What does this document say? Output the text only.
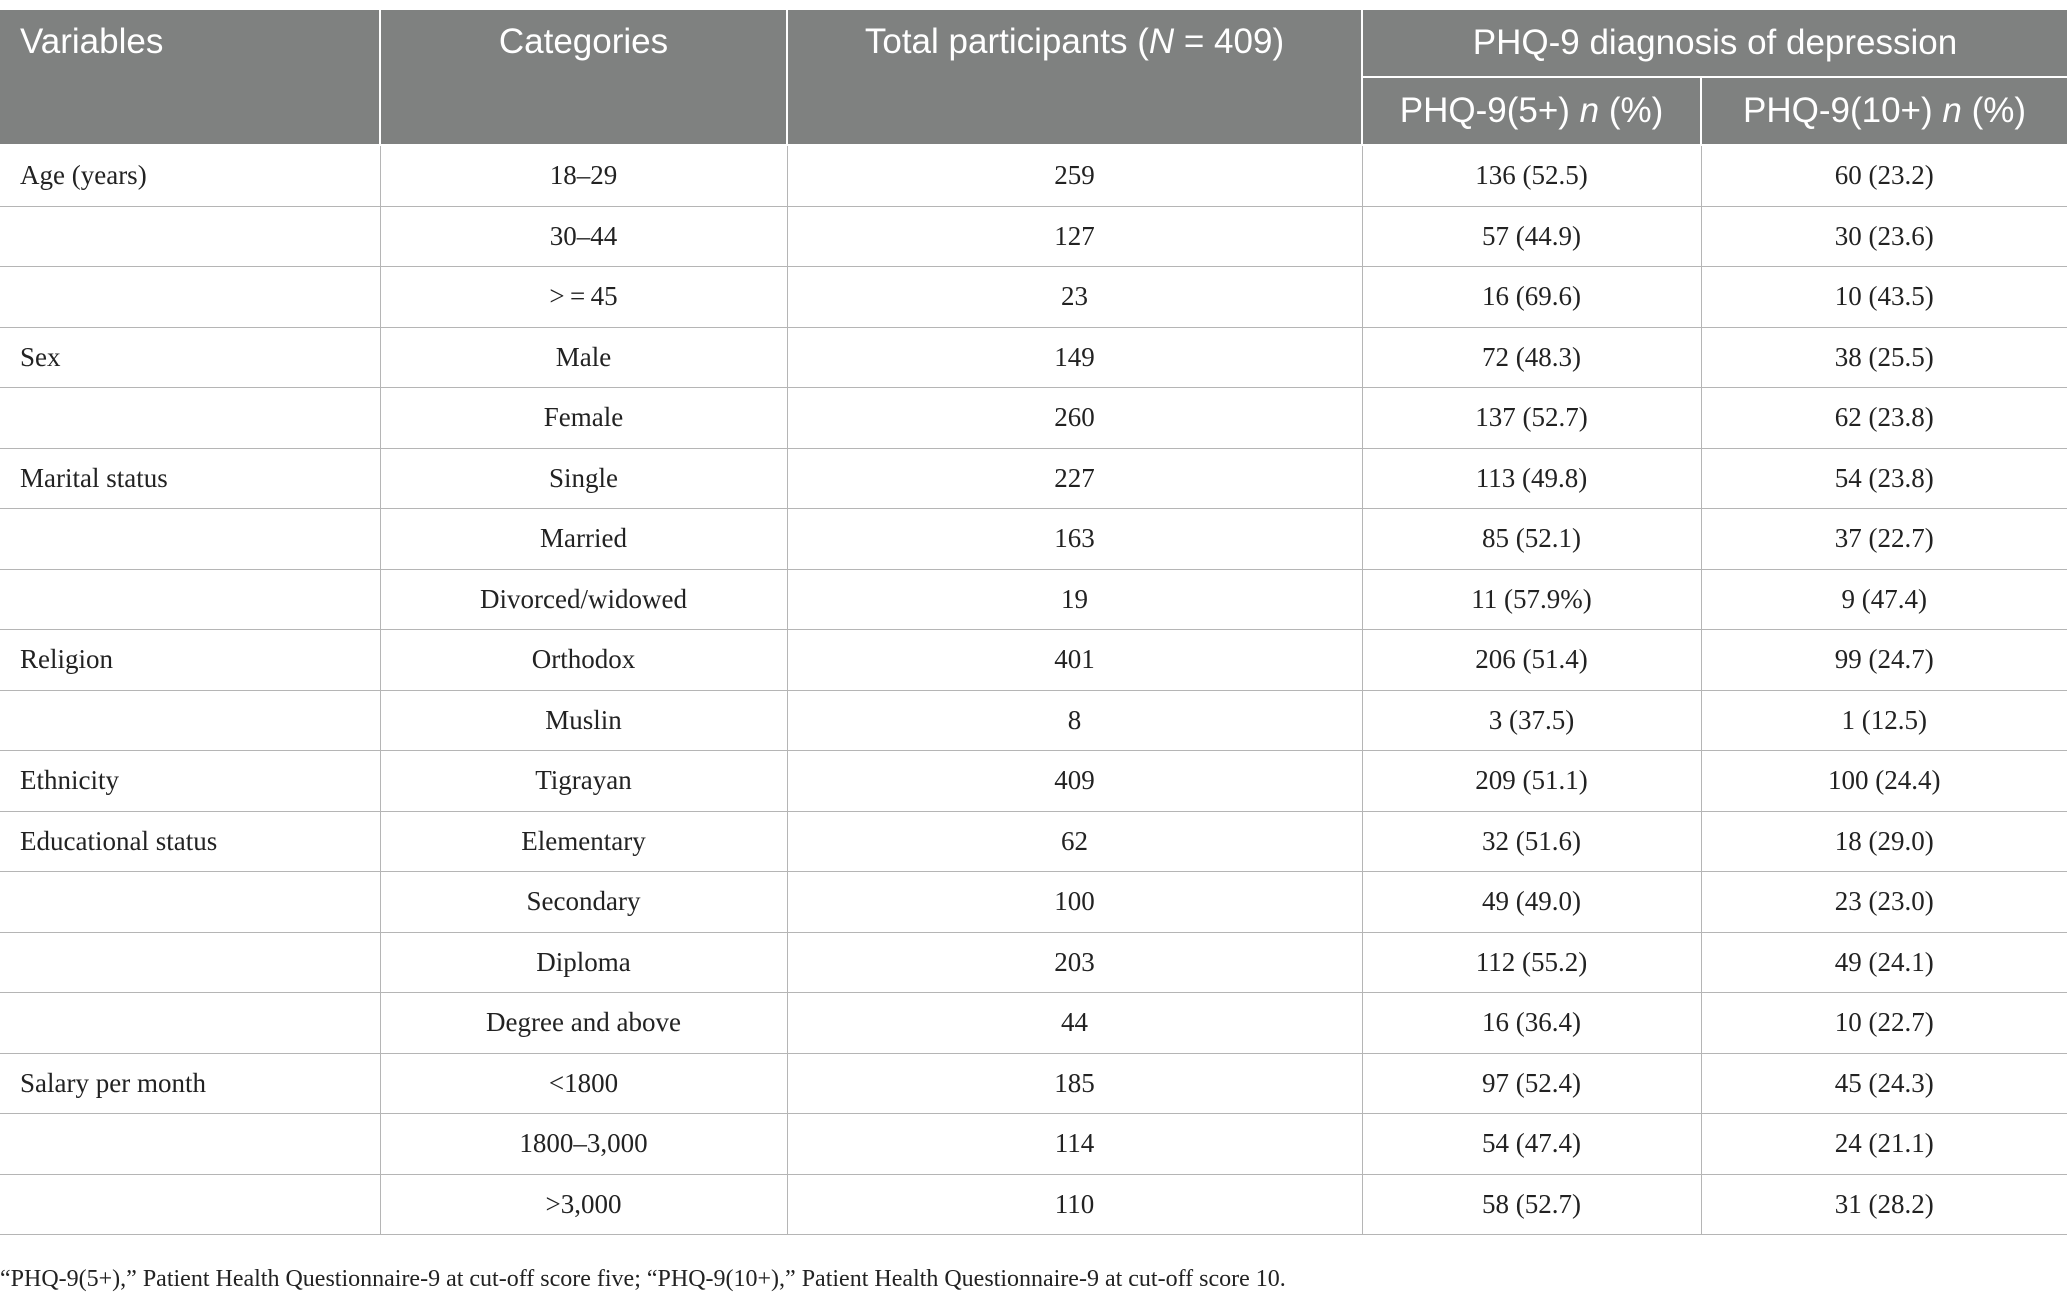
Variables	Categories	Total participants (N = 409)	PHQ-9 diagnosis of depression	
			PHQ-9(5+) n (%)	PHQ-9(10+) n (%)
Age (years)	18–29	259	136 (52.5)	60 (23.2)
	30–44	127	57 (44.9)	30 (23.6)
	> = 45	23	16 (69.6)	10 (43.5)
Sex	Male	149	72 (48.3)	38 (25.5)
	Female	260	137 (52.7)	62 (23.8)
Marital status	Single	227	113 (49.8)	54 (23.8)
	Married	163	85 (52.1)	37 (22.7)
	Divorced/widowed	19	11 (57.9%)	9 (47.4)
Religion	Orthodox	401	206 (51.4)	99 (24.7)
	Muslin	8	3 (37.5)	1 (12.5)
Ethnicity	Tigrayan	409	209 (51.1)	100 (24.4)
Educational status	Elementary	62	32 (51.6)	18 (29.0)
	Secondary	100	49 (49.0)	23 (23.0)
	Diploma	203	112 (55.2)	49 (24.1)
	Degree and above	44	16 (36.4)	10 (22.7)
Salary per month	<1800	185	97 (52.4)	45 (24.3)
	1800–3,000	114	54 (47.4)	24 (21.1)
	>3,000	110	58 (52.7)	31 (28.2)
“PHQ-9(5+),” Patient Health Questionnaire-9 at cut-off score five; “PHQ-9(10+),” Patient Health Questionnaire-9 at cut-off score 10.
